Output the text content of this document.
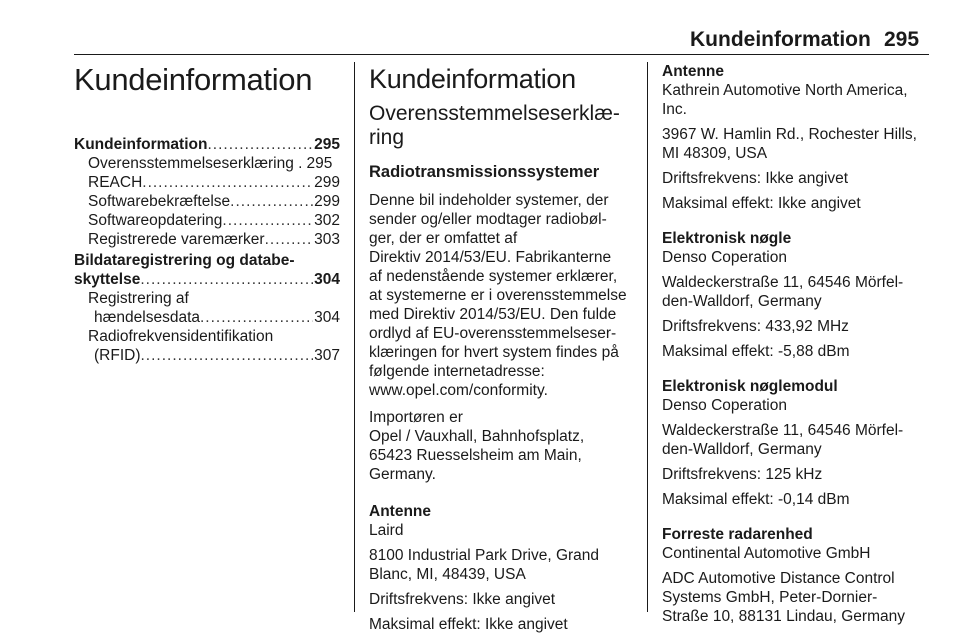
Kundeinformation 295
Kundeinformation
Kundeinformation .....	295
Overensstemmelseserklæring . 295
REACH .....	299
Softwarebekræftelse .....	299
Softwareopdatering .....	302
Registrerede varemærker .....	303
Bildataregistrering og databe-
skyttelse .....	304
Registrering af
hændelsesdata .....	304
Radiofrekvensidentifikation
(RFID) .....	307
Kundeinformation
Overensstemmelseserklæ-
ring
Radiotransmissionssystemer

Denne bil indeholder systemer, der
sender og/eller modtager radiobøl-
ger, der er omfattet af
Direktiv 2014/53/EU. Fabrikanterne
af nedenstående systemer erklærer,
at systemerne er i overensstemmelse
med Direktiv 2014/53/EU. Den fulde
ordlyd af EU-overensstemmelseser-
klæringen for hvert system findes på
følgende internetadresse:
www.opel.com/conformity.

Importøren er
Opel / Vauxhall, Bahnhofsplatz,
65423 Ruesselsheim am Main,
Germany.

Antenne
Laird
8100 Industrial Park Drive, Grand
Blanc, MI, 48439, USA
Driftsfrekvens: Ikke angivet
Maksimal effekt: Ikke angivet
Antenne
Kathrein Automotive North America,
Inc.
3967 W. Hamlin Rd., Rochester Hills,
MI 48309, USA
Driftsfrekvens: Ikke angivet
Maksimal effekt: Ikke angivet
Elektronisk nøgle
Denso Coperation
Waldeckerstraße 11, 64546 Mörfel-
den-Walldorf, Germany
Driftsfrekvens: 433,92 MHz
Maksimal effekt: -5,88 dBm
Elektronisk nøglemodul
Denso Coperation
Waldeckerstraße 11, 64546 Mörfel-
den-Walldorf, Germany
Driftsfrekvens: 125 kHz
Maksimal effekt: -0,14 dBm
Forreste radarenhed
Continental Automotive GmbH
ADC Automotive Distance Control
Systems GmbH, Peter-Dornier-
Straße 10, 88131 Lindau, Germany
